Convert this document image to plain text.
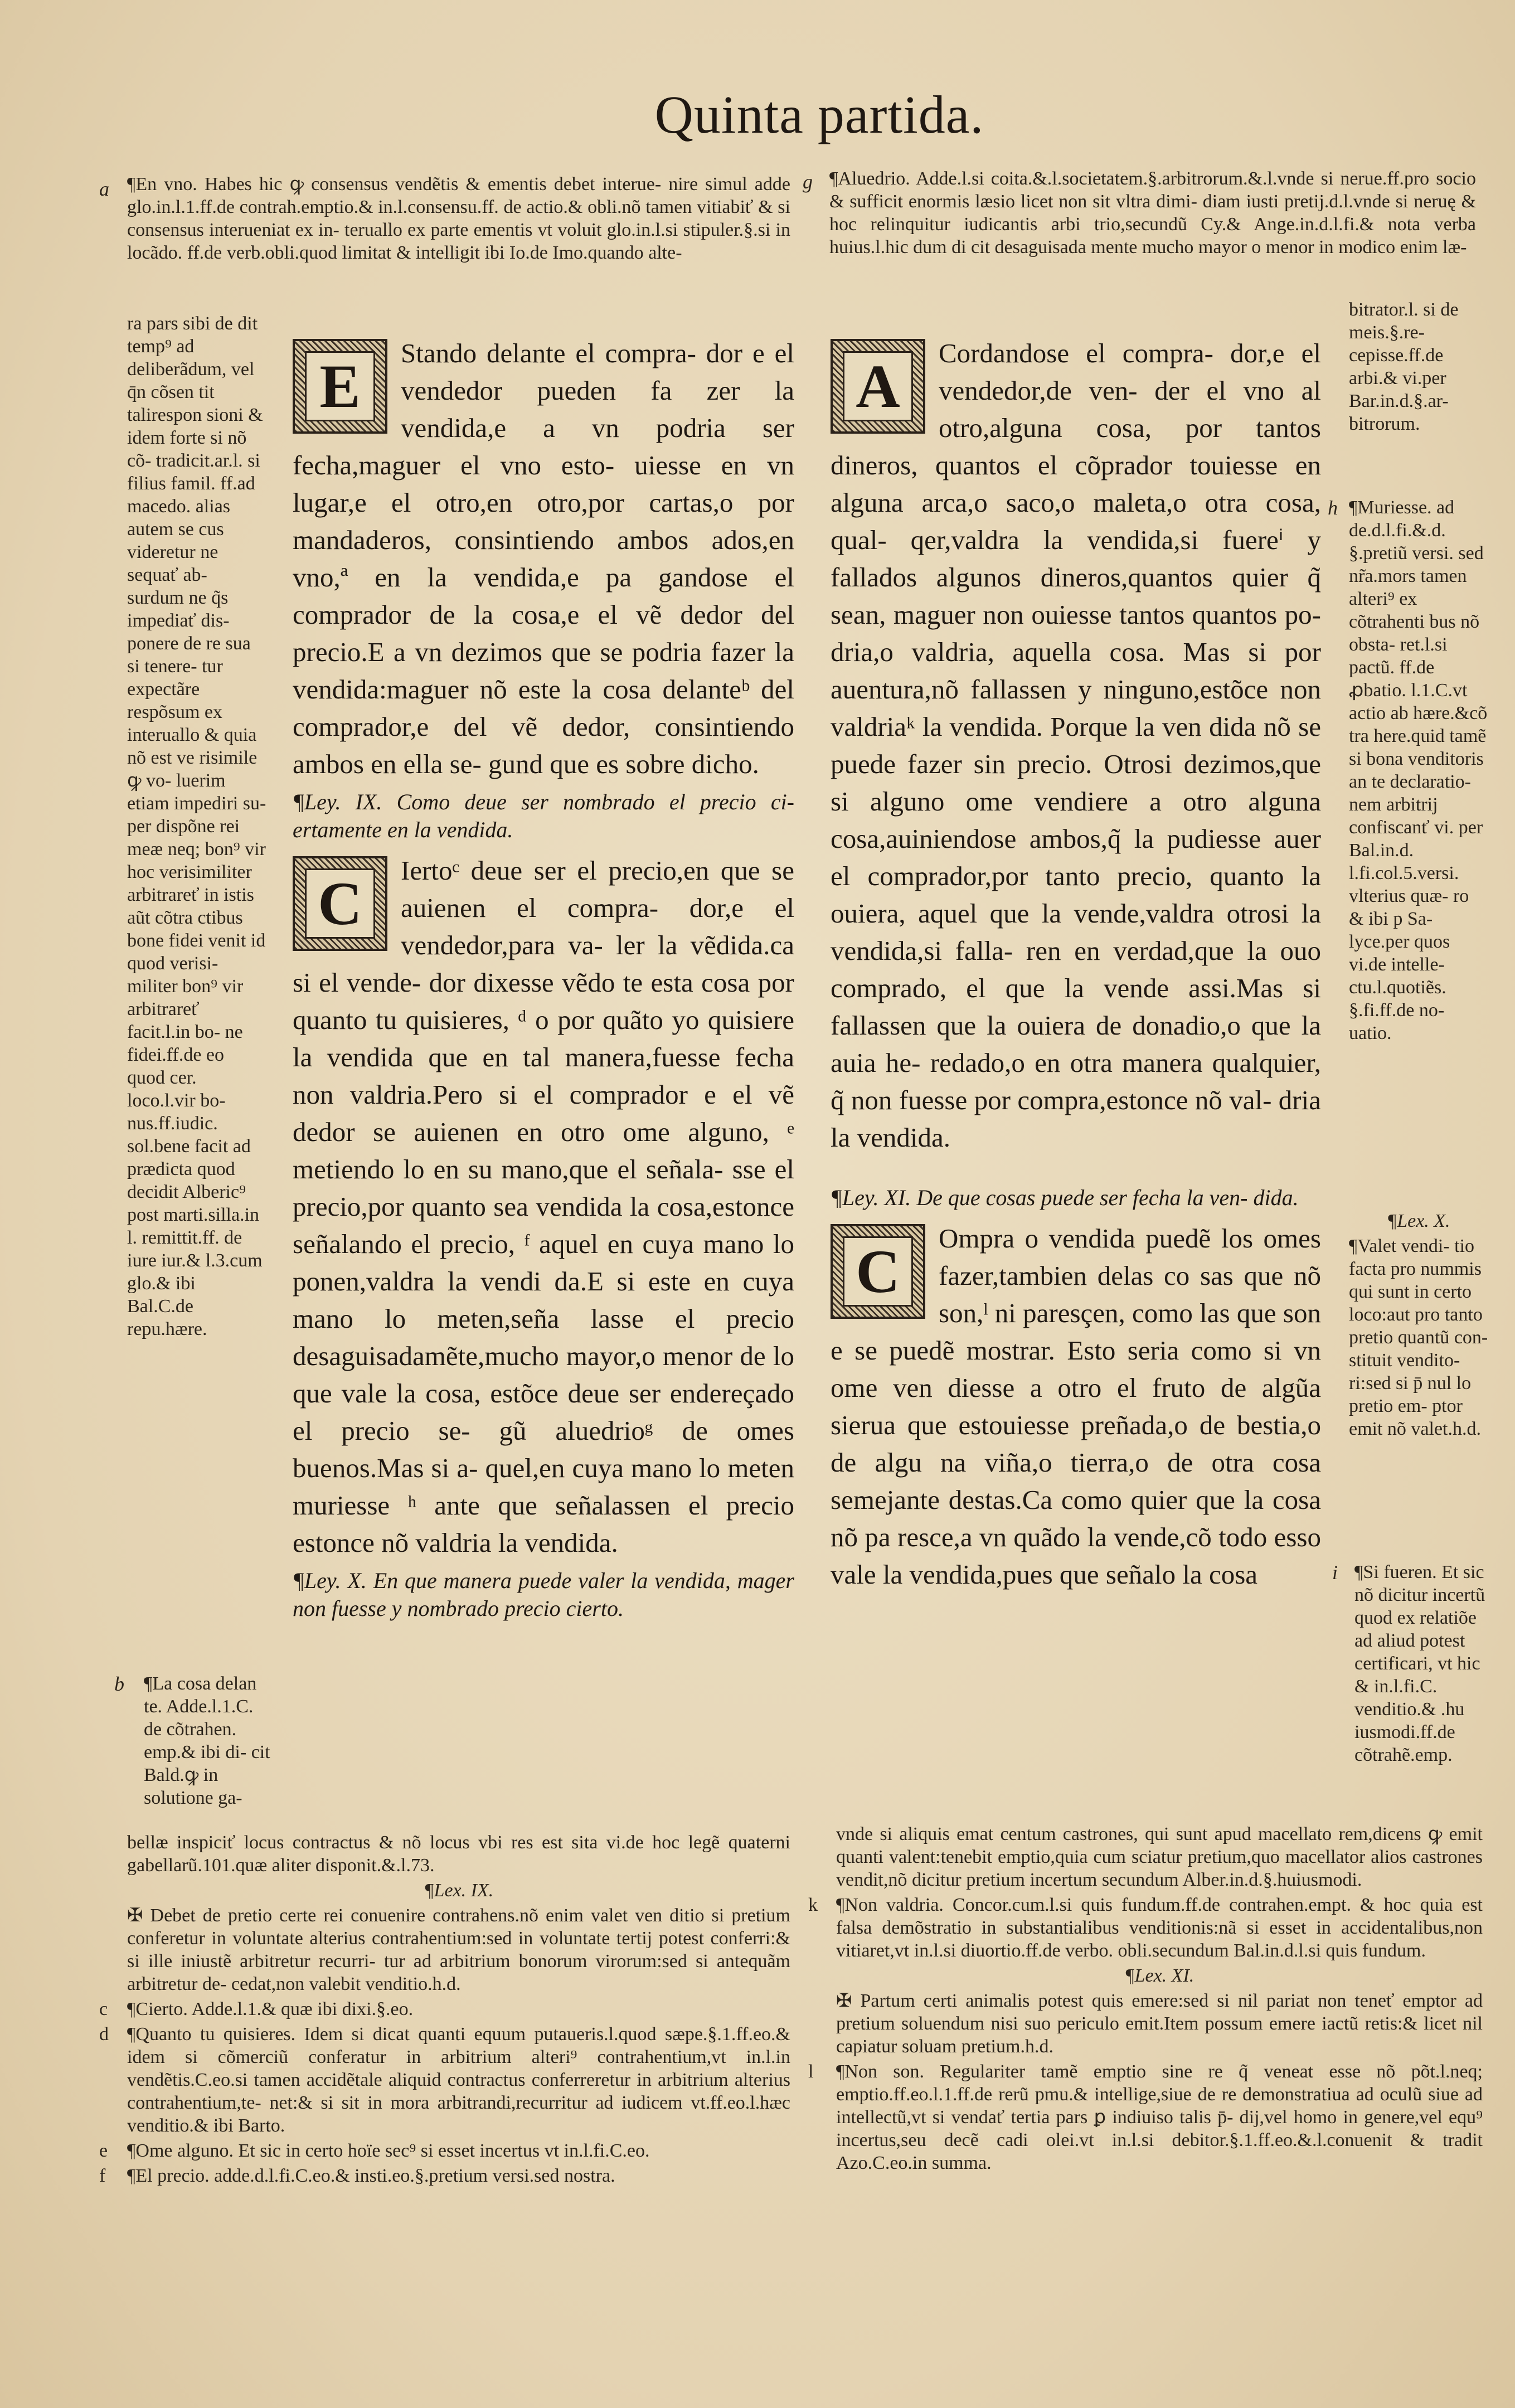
Quinta partida.
a ¶En vno. Habes hic ꝙ consensus vendẽtis & ementis debet interue- nire simul adde glo.in.l.1.ff.de contrah.emptio.& in.l.consensu.ff. de actio.& obli.nõ tamen vitiabiť & si consensus interueniat ex in- teruallo ex parte ementis vt voluit glo.in.l.si stipuler.§.si in locãdo. ff.de verb.obli.quod limitat & intelligit ibi Io.de Imo.quando alte-
g ¶Aluedrio. Adde.l.si coita.&.l.societatem.§.arbitrorum.&.l.vnde si nerue.ff.pro socio & sufficit enormis læsio licet non sit vltra dimi- diam iusti pretij.d.l.vnde si neruę & hoc relinquitur iudicantis arbi trio,secundũ Cy.& Ange.in.d.l.fi.& nota verba huius.l.hic dum di cit desaguisada mente mucho mayor o menor in modico enim læ-
ra pars sibi de dit temp⁹ ad deliberãdum, vel q̄n cõsen tit talirespon sioni & idem forte si nõ cõ- tradicit.ar.l. si filius famil. ff.ad macedo. alias autem se cus videretur ne sequať ab- surdum ne q̃s impediať dis- ponere de re sua si tenere- tur expectãre respõsum ex interuallo & quia nõ est ve risimile ꝙ vo- luerim etiam impediri su- per dispõne rei meæ neq; bon⁹ vir hoc verisimiliter arbitrareť in istis aũt cõtra ctibus bone fidei venit id quod verisi- militer bon⁹ vir arbitrareť facit.l.in bo- ne fidei.ff.de eo quod cer. loco.l.vir bo- nus.ff.iudic. sol.bene facit ad prædicta quod decidit Alberic⁹ post marti.silla.in l. remittit.ff. de iure iur.& l.3.cum glo.& ibi Bal.C.de repu.hære.
b ¶La cosa delan te. Adde.l.1.C. de cõtrahen. emp.& ibi di- cit Bald.ꝙ in solutione ga-

E	Stando delante el compra- dor e el vendedor pueden fa zer la vendida,e a vn podria ser fecha,maguer el vno esto- uiesse en vn lugar,e el otro,en otro,por cartas,o por mandaderos, consintiendo ambos ados,en vno,ª en la vendida,e pa gandose el comprador de la cosa,e el vẽ dedor del precio.E a vn dezimos que se podria fazer la vendida:maguer nõ este la cosa delanteᵇ del comprador,e del vẽ dedor, consintiendo ambos en ella se- gund que es sobre dicho.

¶Ley. IX. Como deue ser nombrado el precio ci- ertamente en la vendida.

C	Iertoᶜ deue ser el precio,en que se auienen el compra- dor,e el vendedor,para va- ler la vẽdida.ca si el vende- dor dixesse vẽdo te esta cosa por quanto tu quisieres, ᵈ o por quãto yo quisiere la vendida que en tal manera,fuesse fecha non valdria.Pero si el comprador e el vẽ dedor se auienen en otro ome alguno, ᵉ metiendo lo en su mano,que el señala- sse el precio,por quanto sea vendida la cosa,estonce señalando el precio, ᶠ aquel en cuya mano lo ponen,valdra la vendi da.E si este en cuya mano lo meten,seña lasse el precio desaguisadamẽte,mucho mayor,o menor de lo que vale la cosa, estõce deue ser endereçado el precio se- gũ aluedrioᵍ de omes buenos.Mas si a- quel,en cuya mano lo meten muriesse ʰ ante que señalassen el precio estonce nõ valdria la vendida.

¶Ley. X. En que manera puede valer la vendida, mager non fuesse y nombrado precio cierto.

A	Cordandose el compra- dor,e el vendedor,de ven- der el vno al otro,alguna cosa, por tantos dineros, quantos el cõprador touiesse en alguna arca,o saco,o maleta,o otra cosa, qual- qer,valdra la vendida,si fuereⁱ y fallados algunos dineros,quantos quier q̃ sean, maguer non ouiesse tantos quantos po- dria,o valdria, aquella cosa. Mas si por auentura,nõ fallassen y ninguno,estõce non valdriaᵏ la vendida. Porque la ven dida nõ se puede fazer sin precio. Otrosi dezimos,que si alguno ome vendiere a otro alguna cosa,auiniendose ambos,q̃ la pudiesse auer el comprador,por tanto precio, quanto la ouiera, aquel que la vende,valdra otrosi la vendida,si falla- ren en verdad,que la ouo comprado, el que la vende assi.Mas si fallassen que la ouiera de donadio,o que la auia he- redado,o en otra manera qualquier, q̃ non fuesse por compra,estonce nõ val- dria la vendida.

¶Ley. XI. De que cosas puede ser fecha la ven- dida.

C	Ompra o vendida puedẽ los omes fazer,tambien delas co sas que nõ son,ˡ ni paresçen, como las que son e se puedẽ mostrar. Esto seria como si vn ome ven diesse a otro el fruto de algũa sierua que estouiesse preñada,o de bestia,o de algu na viña,o tierra,o de otra cosa semejante destas.Ca como quier que la cosa nõ pa resce,a vn quãdo la vende,cõ todo esso vale la vendida,pues que señalo la cosa

bitrator.l. si de meis.§.re- cepisse.ff.de arbi.& vi.per Bar.in.d.§.ar- bitrorum.
h ¶Muriesse. ad de.d.l.fi.&.d. §.pretiũ versi. sed nr̃a.mors tamen alteri⁹ ex cõtrahenti bus nõ obsta- ret.l.si pactũ. ff.de ꝓbatio. l.1.C.vt actio ab hære.&cõ tra here.quid tamẽ si bona venditoris an te declaratio- nem arbitrij confiscanť vi. per Bal.in.d. l.fi.col.5.versi. vlterius quæ- ro & ibi p Sa- lyce.per quos vi.de intelle- ctu.l.quotiẽs. §.fi.ff.de no- uatio.
¶Lex. X.
¶Valet vendi- tio facta pro nummis qui sunt in certo loco:aut pro tanto pretio quantũ con- stituit vendito- ri:sed si p̄ nul lo pretio em- ptor emit nõ valet.h.d.
i ¶Si fueren. Et sic nõ dicitur incertũ quod ex relatiõe ad aliud potest certificari, vt hic & in.l.fi.C. venditio.& .hu iusmodi.ff.de cõtrahẽ.emp.

bellæ inspiciť locus contractus & nõ locus vbi res est sita vi.de hoc legẽ quaterni gabellarũ.101.quæ aliter disponit.&.l.73.

¶Lex. IX.

✠ Debet de pretio certe rei conuenire contrahens.nõ enim valet ven ditio si pretium conferetur in voluntate alterius contrahentium:sed in voluntate tertij potest conferri:& si ille iniustẽ arbitretur recurri- tur ad arbitrium bonorum virorum:sed si antequãm arbitretur de- cedat,non valebit venditio.h.d.

c ¶Cierto. Adde.l.1.& quæ ibi dixi.§.eo.

d ¶Quanto tu quisieres. Idem si dicat quanti equum putaueris.l.quod sæpe.§.1.ff.eo.& idem si cõmerciũ conferatur in arbitrium alteri⁹ contrahentium,vt in.l.in vendẽtis.C.eo.si tamen accidẽtale aliquid contractus conferreretur in arbitrium alterius contrahentium,te- net:& si sit in mora arbitrandi,recurritur ad iudicem vt.ff.eo.l.hæc venditio.& ibi Barto.

e ¶Ome alguno. Et sic in certo hoïe sec⁹ si esset incertus vt in.l.fi.C.eo.

f ¶El precio. adde.d.l.fi.C.eo.& insti.eo.§.pretium versi.sed nostra.

vnde si aliquis emat centum castrones, qui sunt apud macellato rem,dicens ꝙ emit quanti valent:tenebit emptio,quia cum sciatur pretium,quo macellator alios castrones vendit,nõ dicitur pretium incertum secundum Alber.in.d.§.huiusmodi.

k ¶Non valdria. Concor.cum.l.si quis fundum.ff.de contrahen.empt. & hoc quia est falsa demõstratio in substantialibus venditionis:nã si esset in accidentalibus,non vitiaret,vt in.l.si diuortio.ff.de verbo. obli.secundum Bal.in.d.l.si quis fundum.

¶Lex. XI.

✠ Partum certi animalis potest quis emere:sed si nil pariat non teneť emptor ad pretium soluendum nisi suo periculo emit.Item possum emere iactũ retis:& licet nil capiatur soluam pretium.h.d.

l ¶Non son. Regulariter tamẽ emptio sine re q̃ veneat esse nõ põt.l.neq; emptio.ff.eo.l.1.ff.de rerũ pmu.& intellige,siue de re demonstratiua ad oculũ siue ad intellectũ,vt si vendať tertia pars ꝑ indiuiso talis p̄- dij,vel homo in genere,vel equ⁹ incertus,seu decẽ cadi olei.vt in.l.si debitor.§.1.ff.eo.&.l.conuenit & tradit Azo.C.eo.in summa.
